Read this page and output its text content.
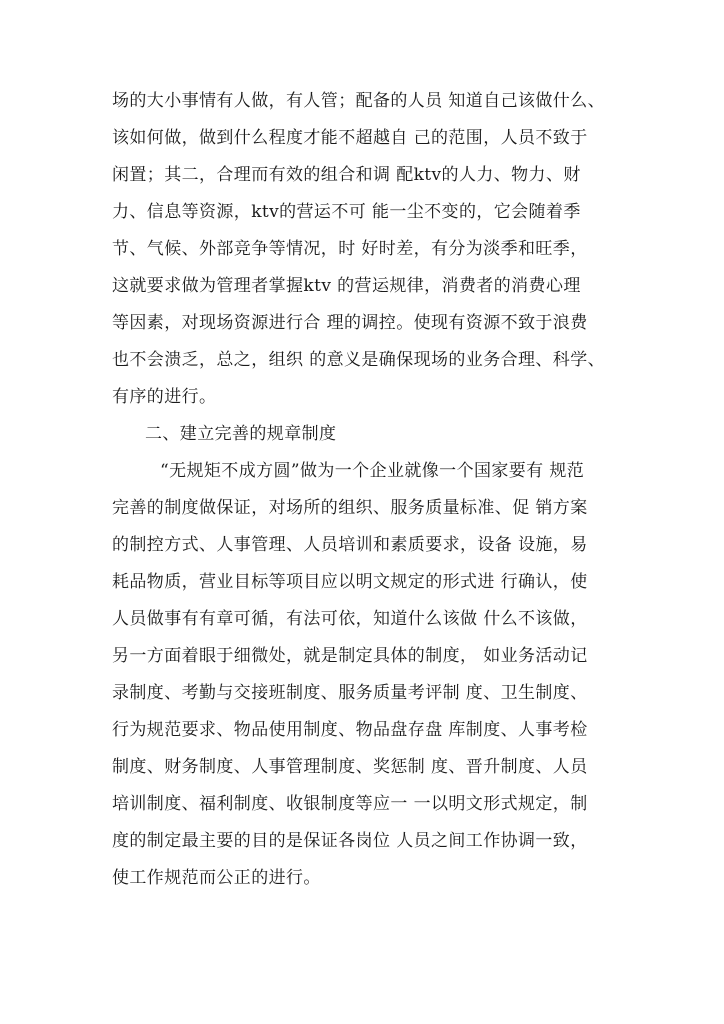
场的大小事情有人做，有人管；配备的人员 知道自己该做什么、
该如何做，做到什么程度才能不超越自 己的范围，人员不致于
闲置；其二，合理而有效的组合和调 配ktv的人力、物力、财
力、信息等资源，ktv的营运不可 能一尘不变的，它会随着季
节、气候、外部竞争等情况，时 好时差，有分为淡季和旺季，
这就要求做为管理者掌握ktv 的营运规律，消费者的消费心理
等因素，对现场资源进行合 理的调控。使现有资源不致于浪费
也不会溃乏，总之，组织 的意义是确保现场的业务合理、科学、
有序的进行。
二、建立完善的规章制度
“无规矩不成方圆”做为一个企业就像一个国家要有 规范
完善的制度做保证，对场所的组织、服务质量标准、促 销方案
的制控方式、人事管理、人员培训和素质要求，设备 设施，易
耗品物质，营业目标等项目应以明文规定的形式进 行确认，使
人员做事有有章可循，有法可依，知道什么该做 什么不该做，
另一方面着眼于细微处，就是制定具体的制度， 如业务活动记
录制度、考勤与交接班制度、服务质量考评制 度、卫生制度、
行为规范要求、物品使用制度、物品盘存盘 库制度、人事考检
制度、财务制度、人事管理制度、奖惩制 度、晋升制度、人员
培训制度、福利制度、收银制度等应一 一以明文形式规定，制
度的制定最主要的目的是保证各岗位 人员之间工作协调一致，
使工作规范而公正的进行。
